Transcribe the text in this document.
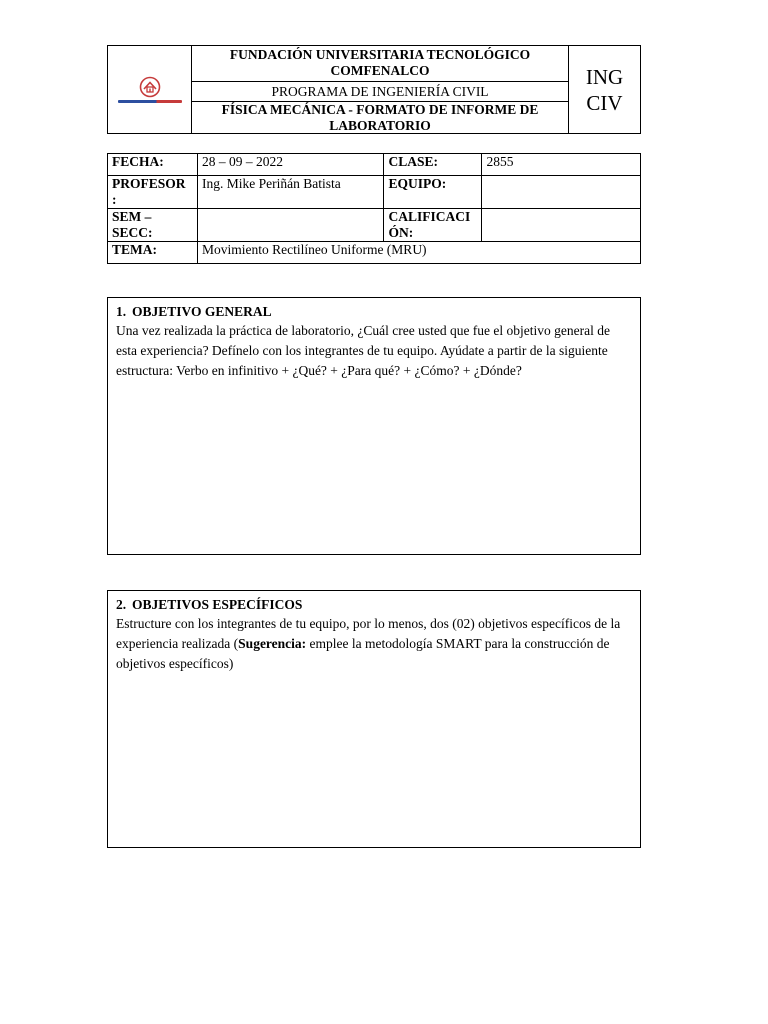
FUNDACIÓN UNIVERSITARIA TECNOLÓGICO COMFENALCO
PROGRAMA DE INGENIERÍA CIVIL
FÍSICA MECÁNICA - FORMATO DE INFORME DE LABORATORIO
ING
CIV
FECHA:	28 – 09 – 2022	CLASE:	2855
PROFESOR :	Ing. Mike Periñán Batista	EQUIPO:	
SEM – SECC:		CALIFICACI ÓN:	
TEMA:	Movimiento Rectilíneo Uniforme (MRU)		
1. OBJETIVO GENERAL
Una vez realizada la práctica de laboratorio, ¿Cuál cree usted que fue el objetivo general de esta experiencia? Defínelo con los integrantes de tu equipo. Ayúdate a partir de la siguiente estructura: Verbo en infinitivo + ¿Qué? + ¿Para qué? + ¿Cómo? + ¿Dónde?
2. OBJETIVOS ESPECÍFICOS
Estructure con los integrantes de tu equipo, por lo menos, dos (02) objetivos específicos de la experiencia realizada (Sugerencia: emplee la metodología SMART para la construcción de objetivos específicos)
